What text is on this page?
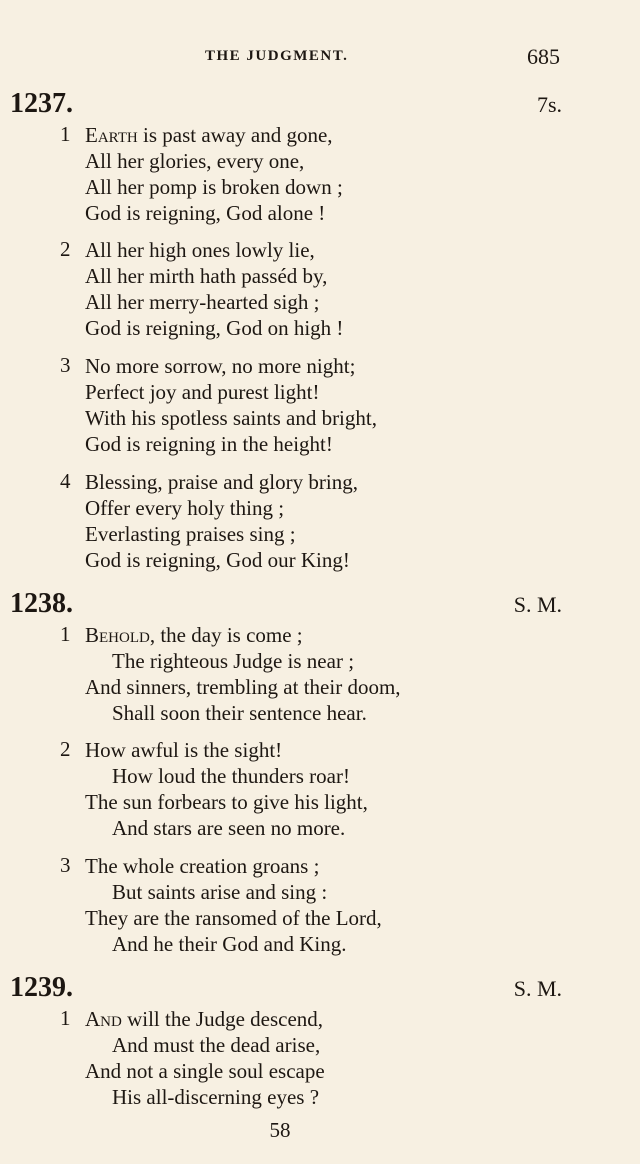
THE JUDGMENT.	685
1237.	7s.
1 Earth is past away and gone,
All her glories, every one,
All her pomp is broken down ;
God is reigning, God alone !
2 All her high ones lowly lie,
All her mirth hath passéd by,
All her merry-hearted sigh ;
God is reigning, God on high !
3 No more sorrow, no more night;
Perfect joy and purest light!
With his spotless saints and bright,
God is reigning in the height!
4 Blessing, praise and glory bring,
Offer every holy thing ;
Everlasting praises sing ;
God is reigning, God our King!
1238.	S. M.
1 Behold, the day is come ;
The righteous Judge is near ;
And sinners, trembling at their doom,
Shall soon their sentence hear.
2 How awful is the sight!
How loud the thunders roar!
The sun forbears to give his light,
And stars are seen no more.
3 The whole creation groans ;
But saints arise and sing :
They are the ransomed of the Lord,
And he their God and King.
1239.	S. M.
1 And will the Judge descend,
And must the dead arise,
And not a single soul escape
His all-discerning eyes ?
58
